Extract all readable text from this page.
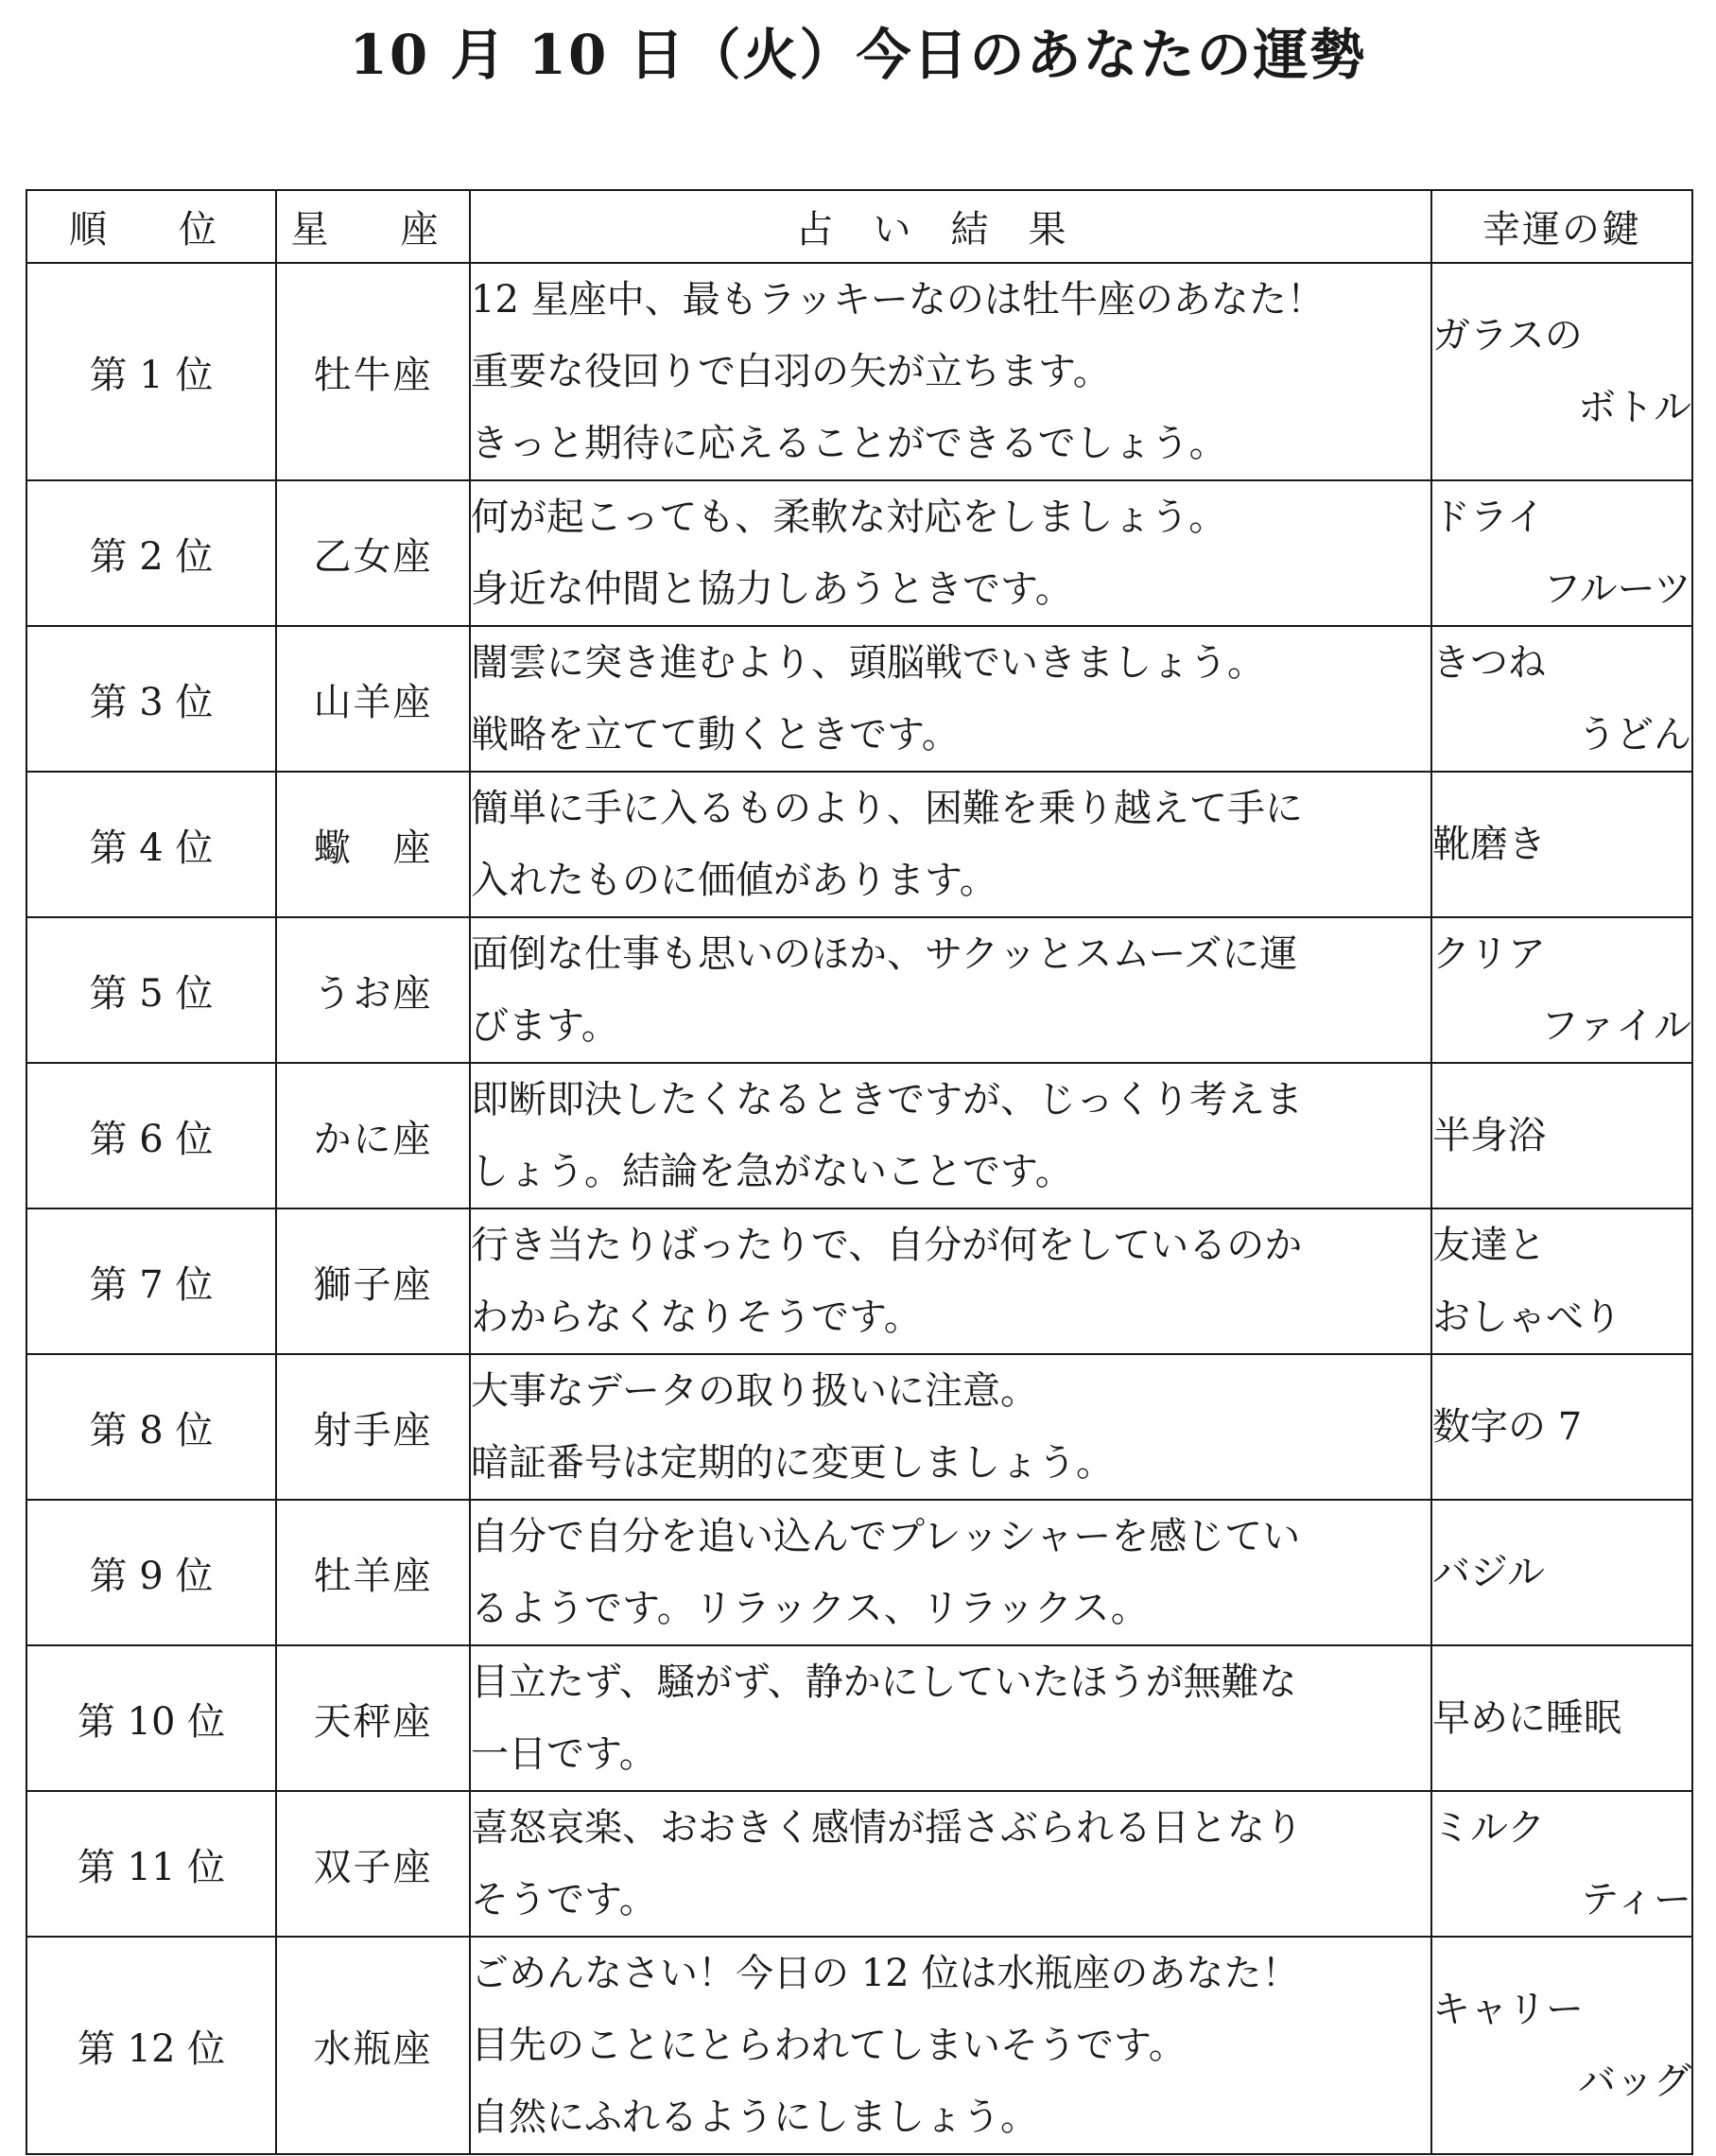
10 月 10 日（火）今日のあなたの運勢
順　位	星　座	占い結果	幸運の鍵
第 1 位	牡牛座	12 星座中、最もラッキーなのは牡牛座のあなた！
重要な役回りで白羽の矢が立ちます。
きっと期待に応えることができるでしょう。	ガラスの
ボトル

第 2 位	乙女座	何が起こっても、柔軟な対応をしましょう。
身近な仲間と協力しあうときです。	ドライ
フルーツ

第 3 位	山羊座	闇雲に突き進むより、頭脳戦でいきましょう。
戦略を立てて動くときです。	きつね
うどん

第 4 位	蠍　座	簡単に手に入るものより、困難を乗り越えて手に
入れたものに価値があります。	靴磨き

第 5 位	うお座	面倒な仕事も思いのほか、サクッとスムーズに運
びます。	クリア
ファイル

第 6 位	かに座	即断即決したくなるときですが、じっくり考えま
しょう。結論を急がないことです。	半身浴

第 7 位	獅子座	行き当たりばったりで、自分が何をしているのか
わからなくなりそうです。	友達と
おしゃべり

第 8 位	射手座	大事なデータの取り扱いに注意。
暗証番号は定期的に変更しましょう。	数字の 7

第 9 位	牡羊座	自分で自分を追い込んでプレッシャーを感じてい
るようです。リラックス、リラックス。	バジル

第 10 位	天秤座	目立たず、騒がず、静かにしていたほうが無難な
一日です。	早めに睡眠

第 11 位	双子座	喜怒哀楽、おおきく感情が揺さぶられる日となり
そうです。	ミルク
ティー

第 12 位	水瓶座	ごめんなさい！今日の 12 位は水瓶座のあなた！
目先のことにとらわれてしまいそうです。
自然にふれるようにしましょう。	キャリー
バッグ
